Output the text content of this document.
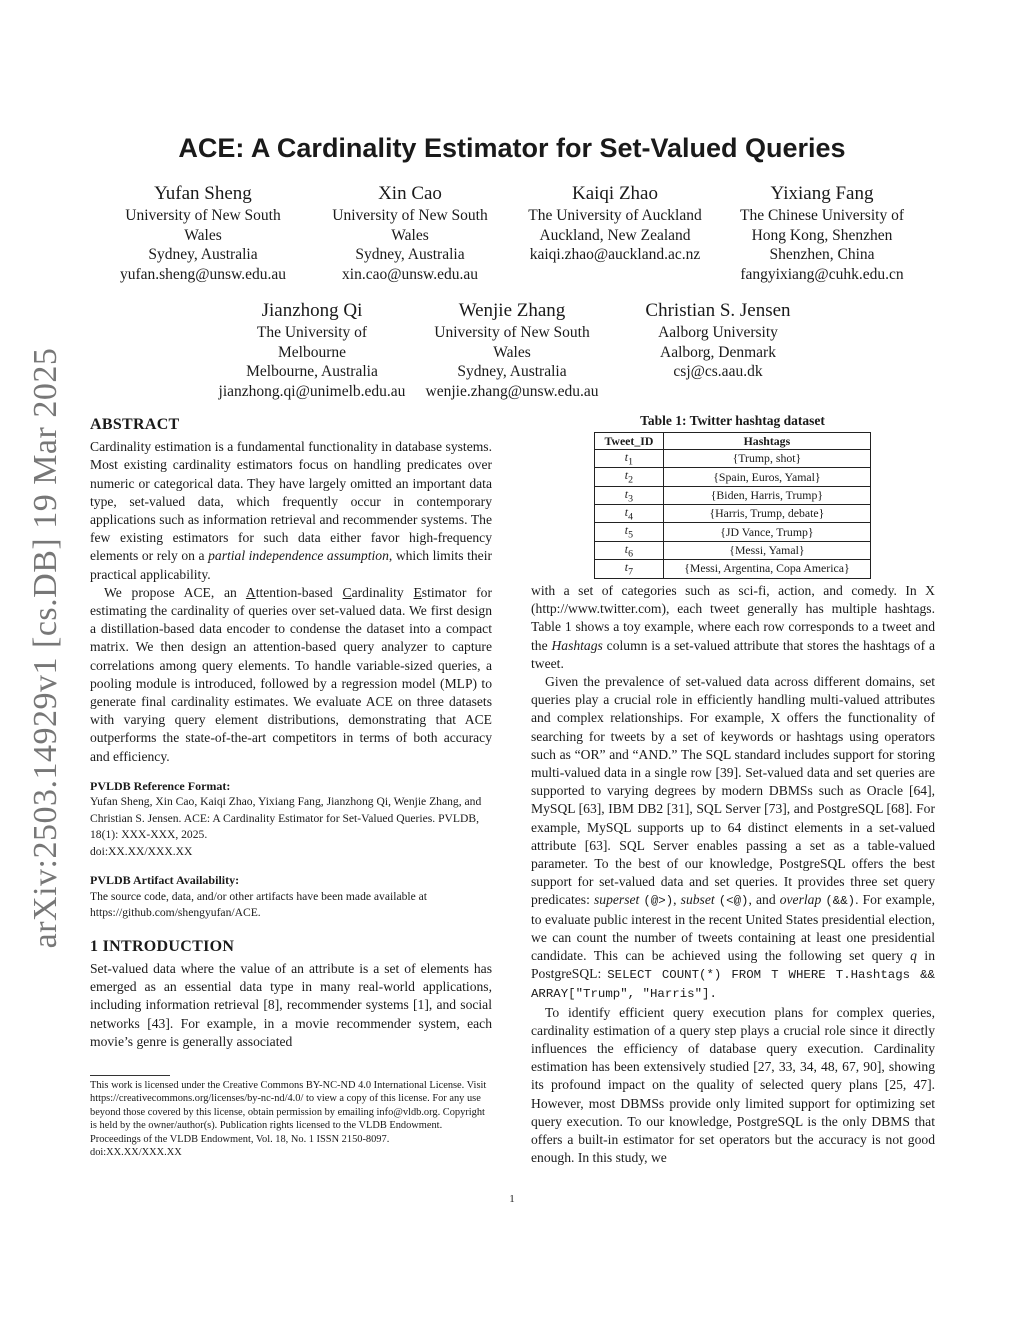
arXiv:2503.14929v1 [cs.DB] 19 Mar 2025
ACE: A Cardinality Estimator for Set-Valued Queries
Yufan Sheng
University of New South
Wales
Sydney, Australia
yufan.sheng@unsw.edu.au
Xin Cao
University of New South
Wales
Sydney, Australia
xin.cao@unsw.edu.au
Kaiqi Zhao
The University of Auckland
Auckland, New Zealand
kaiqi.zhao@auckland.ac.nz
Yixiang Fang
The Chinese University of
Hong Kong, Shenzhen
Shenzhen, China
fangyixiang@cuhk.edu.cn
Jianzhong Qi
The University of
Melbourne
Melbourne, Australia
jianzhong.qi@unimelb.edu.au
Wenjie Zhang
University of New South
Wales
Sydney, Australia
wenjie.zhang@unsw.edu.au
Christian S. Jensen
Aalborg University
Aalborg, Denmark
csj@cs.aau.dk
ABSTRACT

Cardinality estimation is a fundamental functionality in database systems. Most existing cardinality estimators focus on handling predicates over numeric or categorical data. They have largely omitted an important data type, set-valued data, which frequently occur in contemporary applications such as information retrieval and recommender systems. The few existing estimators for such data either favor high-frequency elements or rely on a partial independence assumption, which limits their practical applicability.

We propose ACE, an Attention-based Cardinality Estimator for estimating the cardinality of queries over set-valued data. We first design a distillation-based data encoder to condense the dataset into a compact matrix. We then design an attention-based query analyzer to capture correlations among query elements. To handle variable-sized queries, a pooling module is introduced, followed by a regression model (MLP) to generate final cardinality estimates. We evaluate ACE on three datasets with varying query element distributions, demonstrating that ACE outperforms the state-of-the-art competitors in terms of both accuracy and efficiency.

PVLDB Reference Format:
Yufan Sheng, Xin Cao, Kaiqi Zhao, Yixiang Fang, Jianzhong Qi, Wenjie Zhang, and Christian S. Jensen. ACE: A Cardinality Estimator for Set-Valued Queries. PVLDB, 18(1): XXX-XXX, 2025.
doi:XX.XX/XXX.XX
PVLDB Artifact Availability:
The source code, data, and/or other artifacts have been made available at https://github.com/shengyufan/ACE.
1 INTRODUCTION

Set-valued data where the value of an attribute is a set of elements has emerged as an essential data type in many real-world applications, including information retrieval [8], recommender systems [1], and social networks [43]. For example, in a movie recommender system, each movie’s genre is generally associated

This work is licensed under the Creative Commons BY-NC-ND 4.0 International License. Visit https://creativecommons.org/licenses/by-nc-nd/4.0/ to view a copy of this license. For any use beyond those covered by this license, obtain permission by emailing info@vldb.org. Copyright is held by the owner/author(s). Publication rights licensed to the VLDB Endowment.
Proceedings of the VLDB Endowment, Vol. 18, No. 1 ISSN 2150-8097.
doi:XX.XX/XXX.XX
Table 1: Twitter hashtag dataset
Tweet_ID	Hashtags
$t_1$	{Trump, shot}
$t_2$	{Spain, Euros, Yamal}
$t_3$	{Biden, Harris, Trump}
$t_4$	{Harris, Trump, debate}
$t_5$	{JD Vance, Trump}
$t_6$	{Messi, Yamal}
$t_7$	{Messi, Argentina, Copa America}

with a set of categories such as sci-fi, action, and comedy. In X (http://www.twitter.com), each tweet generally has multiple hashtags. Table 1 shows a toy example, where each row corresponds to a tweet and the Hashtags column is a set-valued attribute that stores the hashtags of a tweet.

Given the prevalence of set-valued data across different domains, set queries play a crucial role in efficiently handling multi-valued attributes and complex relationships. For example, X offers the functionality of searching for tweets by a set of keywords or hashtags using operators such as “OR” and “AND.” The SQL standard includes support for storing multi-valued data in a single row [39]. Set-valued data and set queries are supported to varying degrees by modern DBMSs such as Oracle [64], MySQL [63], IBM DB2 [31], SQL Server [73], and PostgreSQL [68]. For example, MySQL supports up to 64 distinct elements in a set-valued attribute [63]. SQL Server enables passing a set as a table-valued parameter. To the best of our knowledge, PostgreSQL offers the best support for set-valued data and set queries. It provides three set query predicates: superset (@>), subset (<@), and overlap (&&). For example, to evaluate public interest in the recent United States presidential election, we can count the number of tweets containing at least one presidential candidate. This can be achieved using the following set query q in PostgreSQL: SELECT COUNT(*) FROM T WHERE T.Hashtags && ARRAY["Trump", "Harris"].

To identify efficient query execution plans for complex queries, cardinality estimation of a query step plays a crucial role since it directly influences the efficiency of database query execution. Cardinality estimation has been extensively studied [27, 33, 34, 48, 67, 90], showing its profound impact on the quality of selected query plans [25, 47]. However, most DBMSs provide only limited support for optimizing set query execution. To our knowledge, PostgreSQL is the only DBMS that offers a built-in estimator for set operators but the accuracy is not good enough. In this study, we

1
